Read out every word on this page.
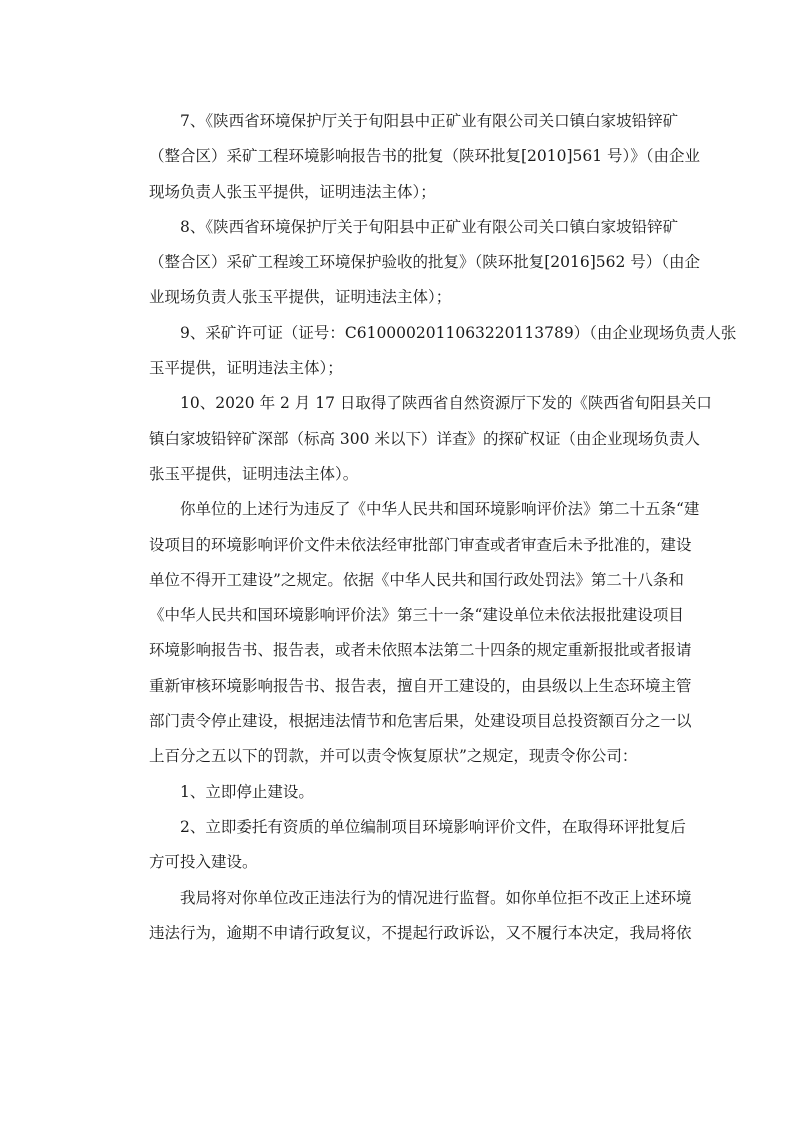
7、《陕西省环境保护厅关于旬阳县中正矿业有限公司关口镇白家坡铅锌矿
（整合区）采矿工程环境影响报告书的批复（陕环批复[2010]561 号）》（由企业
现场负责人张玉平提供，证明违法主体）；
8、《陕西省环境保护厅关于旬阳县中正矿业有限公司关口镇白家坡铅锌矿
（整合区）采矿工程竣工环境保护验收的批复》（陕环批复[2016]562 号）（由企
业现场负责人张玉平提供，证明违法主体）；
9、采矿许可证（证号：C6100002011063220113789）（由企业现场负责人张
玉平提供，证明违法主体）；
10、2020 年 2 月 17 日取得了陕西省自然资源厅下发的《陕西省旬阳县关口
镇白家坡铅锌矿深部（标高 300 米以下）详查》的探矿权证（由企业现场负责人
张玉平提供，证明违法主体）。
你单位的上述行为违反了《中华人民共和国环境影响评价法》第二十五条“建
设项目的环境影响评价文件未依法经审批部门审查或者审查后未予批准的，建设
单位不得开工建设”之规定。依据《中华人民共和国行政处罚法》第二十八条和
《中华人民共和国环境影响评价法》第三十一条“建设单位未依法报批建设项目
环境影响报告书、报告表，或者未依照本法第二十四条的规定重新报批或者报请
重新审核环境影响报告书、报告表，擅自开工建设的，由县级以上生态环境主管
部门责令停止建设，根据违法情节和危害后果，处建设项目总投资额百分之一以
上百分之五以下的罚款，并可以责令恢复原状”之规定，现责令你公司：
1、立即停止建设。
2、立即委托有资质的单位编制项目环境影响评价文件，在取得环评批复后
方可投入建设。
我局将对你单位改正违法行为的情况进行监督。如你单位拒不改正上述环境
违法行为，逾期不申请行政复议，不提起行政诉讼，又不履行本决定，我局将依
